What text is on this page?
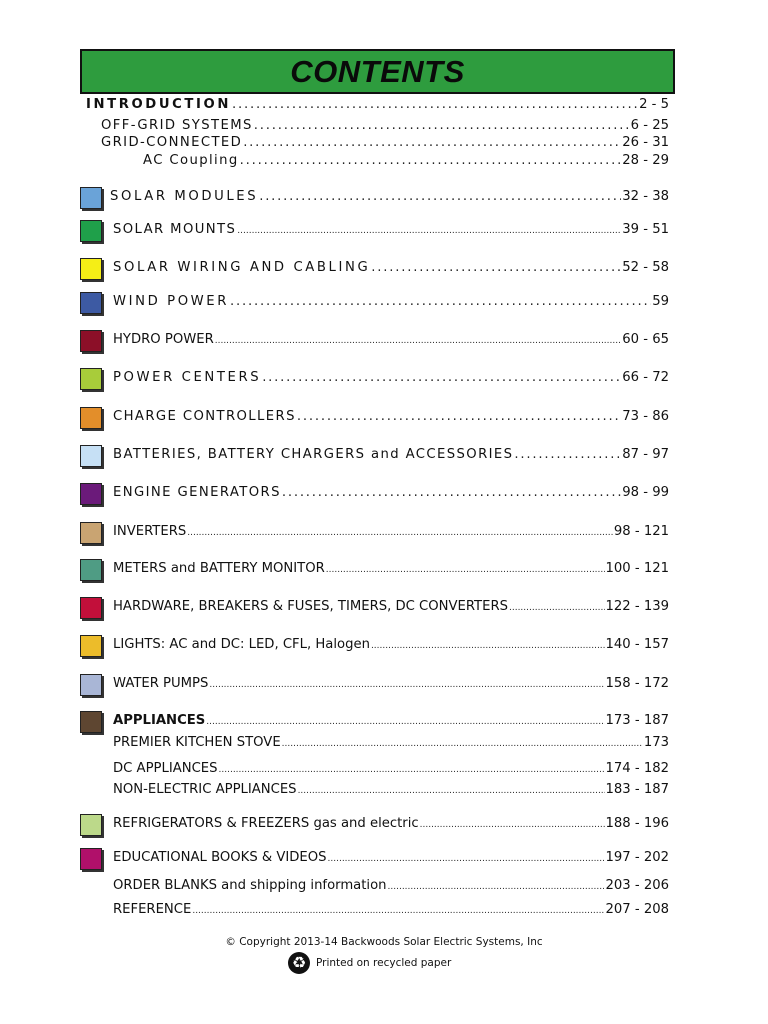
CONTENTS
INTRODUCTION .....	2 - 5
OFF-GRID SYSTEMS .....	6 - 25
GRID-CONNECTED .....	26 - 31
AC Coupling .....	28 - 29
SOLAR MODULES .....	32 - 38
SOLAR MOUNTS .....	39 - 51
SOLAR WIRING AND CABLING .....	52 - 58
WIND POWER .....	59
HYDRO POWER .....	60 - 65
POWER CENTERS .....	66 - 72
CHARGE CONTROLLERS .....	73 - 86
BATTERIES, BATTERY CHARGERS and ACCESSORIES .....	87 - 97
ENGINE GENERATORS .....	98 - 99
INVERTERS .....	98 - 121
METERS and BATTERY MONITOR .....	100 - 121
HARDWARE, BREAKERS & FUSES, TIMERS, DC CONVERTERS .....	122 - 139
LIGHTS: AC and DC: LED, CFL, Halogen .....	140 - 157
WATER PUMPS .....	158 - 172
APPLIANCES .....	173 - 187
PREMIER KITCHEN STOVE .....	173
DC APPLIANCES .....	174 - 182
NON-ELECTRIC APPLIANCES .....	183 - 187
REFRIGERATORS & FREEZERS gas and electric .....	188 - 196
EDUCATIONAL BOOKS & VIDEOS .....	197 - 202
ORDER BLANKS and shipping information .....	203 - 206
REFERENCE .....	207 - 208
© Copyright 2013-14 Backwoods Solar Electric Systems, Inc
♻ Printed on recycled paper
